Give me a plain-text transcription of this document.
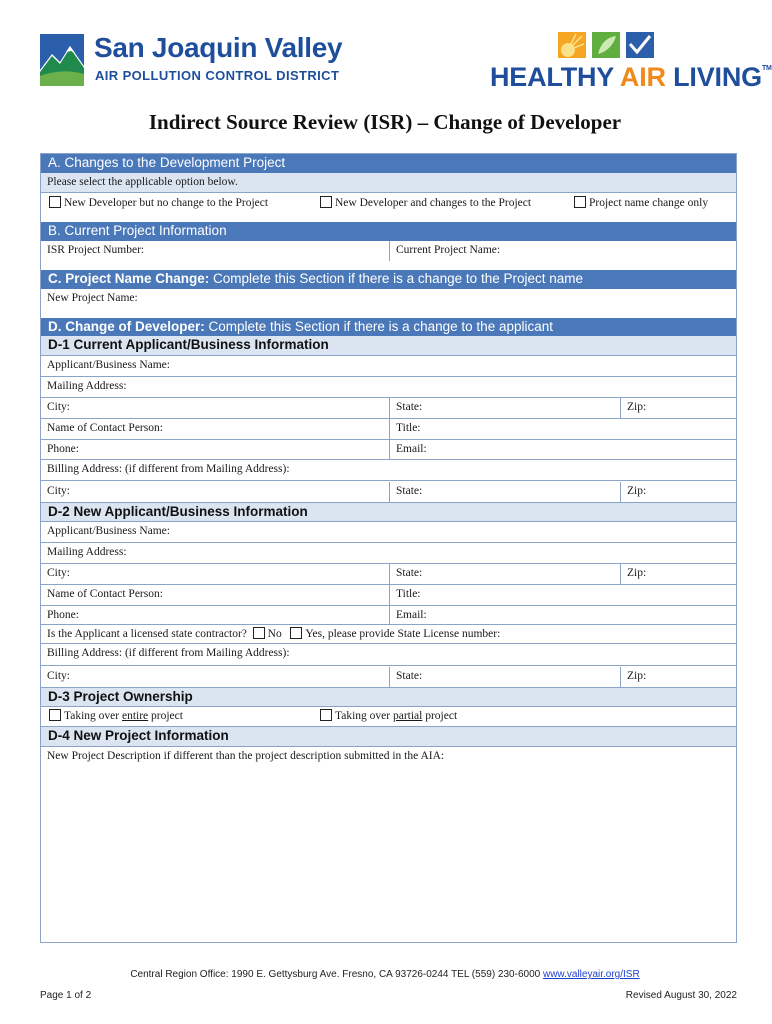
San Joaquin Valley
AIR POLLUTION CONTROL DISTRICT	HEALTHY AIR LIVING™
Indirect Source Review (ISR) – Change of Developer
A. Changes to the Development Project
Please select the applicable option below.
New Developer but no change to the Project	New Developer and changes to the Project	Project name change only
B. Current Project Information
ISR Project Number:	Current Project Name:
C. Project Name Change: Complete this Section if there is a change to the Project name
New Project Name:
D. Change of Developer: Complete this Section if there is a change to the applicant
D-1 Current Applicant/Business Information
Applicant/Business Name:
Mailing Address:
City:	State:	Zip:
Name of Contact Person:	Title:
Phone:	Email:
Billing Address: (if different from Mailing Address):
City:	State:	Zip:
D-2 New Applicant/Business Information
Applicant/Business Name:
Mailing Address:
City:	State:	Zip:
Name of Contact Person:	Title:
Phone:	Email:
Is the Applicant a licensed state contractor? No Yes, please provide State License number:
Billing Address: (if different from Mailing Address):
City:	State:	Zip:
D-3 Project Ownership
Taking over entire project	Taking over partial project
D-4 New Project Information
New Project Description if different than the project description submitted in the AIA:
Central Region Office: 1990 E. Gettysburg Ave. Fresno, CA 93726-0244 TEL (559) 230-6000 www.valleyair.org/ISR
Page 1 of 2	Revised August 30, 2022
